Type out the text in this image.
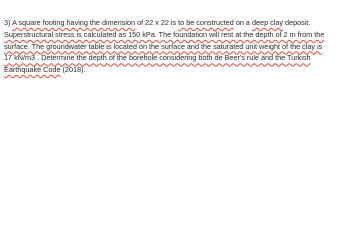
3) A square footing having the dimension of 22 x 22 is to be constructed on a deep clay deposit.
Superstructural stress is calculated as 150 kPa. The foundation will rest at the depth of 2 m from the
surface. The groundwater table is located on the surface and the saturated unit weight of the clay is
17 kN/m3 . Determine the depth of the borehole considering both de Beer's rule and the Turkish
Earthquake Code (2018).
